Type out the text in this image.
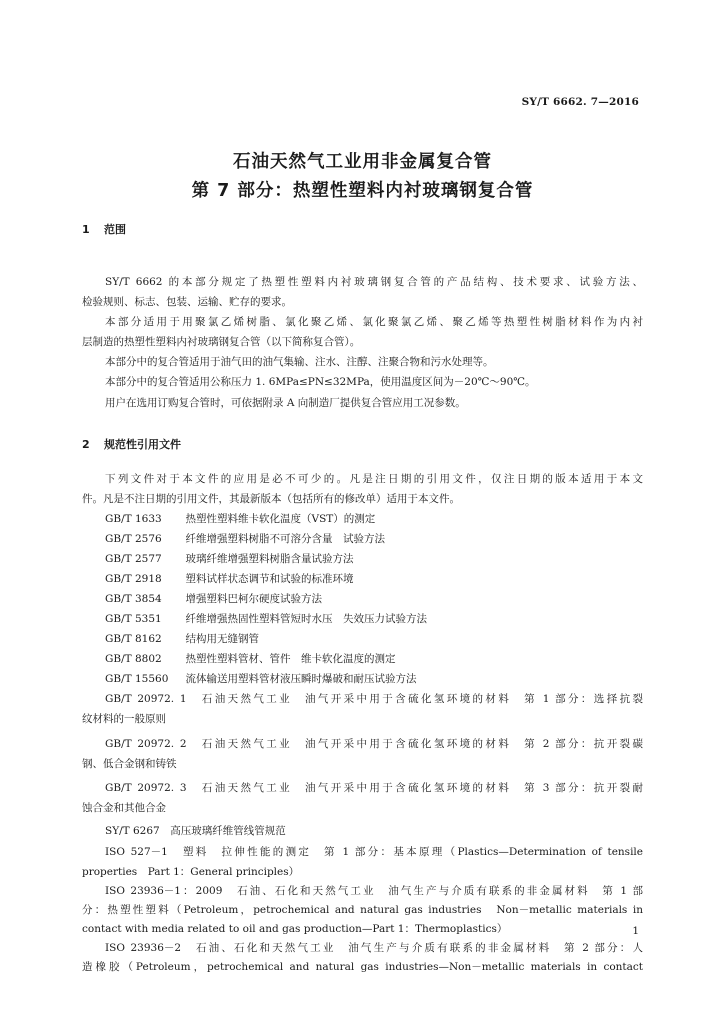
SY/T 6662. 7—2016
石油天然气工业用非金属复合管
第 7 部分：热塑性塑料内衬玻璃钢复合管
1 范围
SY/T 6662 的本部分规定了热塑性塑料内衬玻璃钢复合管的产品结构、技术要求、试验方法、
检验规则、标志、包装、运输、贮存的要求。
本部分适用于用聚氯乙烯树脂、氯化聚乙烯、氯化聚氯乙烯、聚乙烯等热塑性树脂材料作为内衬
层制造的热塑性塑料内衬玻璃钢复合管（以下简称复合管）。
本部分中的复合管适用于油气田的油气集输、注水、注醇、注聚合物和污水处理等。
本部分中的复合管适用公称压力 1. 6MPa≤PN≤32MPa，使用温度区间为－20℃～90℃。
用户在选用订购复合管时，可依据附录 A 向制造厂提供复合管应用工况参数。
2 规范性引用文件
下列文件对于本文件的应用是必不可少的。凡是注日期的引用文件，仅注日期的版本适用于本文
件。凡是不注日期的引用文件，其最新版本（包括所有的修改单）适用于本文件。
GB/T 1633　 热塑性塑料维卡软化温度（VST）的测定
GB/T 2576　 纤维增强塑料树脂不可溶分含量　试验方法
GB/T 2577　 玻璃纤维增强塑料树脂含量试验方法
GB/T 2918　 塑料试样状态调节和试验的标准环境
GB/T 3854　 增强塑料巴柯尔硬度试验方法
GB/T 5351　 纤维增强热固性塑料管短时水压　失效压力试验方法
GB/T 8162　 结构用无缝钢管
GB/T 8802　 热塑性塑料管材、管件　维卡软化温度的测定
GB/T 15560　 流体输送用塑料管材液压瞬时爆破和耐压试验方法
GB/T 20972. 1　石油天然气工业　油气开采中用于含硫化氢环境的材料　第 1 部分：选择抗裂
纹材料的一般原则
GB/T 20972. 2　石油天然气工业　油气开采中用于含硫化氢环境的材料　第 2 部分：抗开裂碳
钢、低合金钢和铸铁
GB/T 20972. 3　石油天然气工业　油气开采中用于含硫化氢环境的材料　第 3 部分：抗开裂耐
蚀合金和其他合金
SY/T 6267　高压玻璃纤维管线管规范
ISO 527－1　塑料　拉伸性能的测定　第 1 部分：基本原理（Plastics—Determination of tensile
properties　Part 1：General principles）
ISO 23936－1：2009　石油、石化和天然气工业　油气生产与介质有联系的非金属材料　第 1 部
分：热塑性塑料（Petroleum，petrochemical and natural gas industries　Non－metallic materials in
contact with media related to oil and gas production—Part 1：Thermoplastics）
ISO 23936－2　石油、石化和天然气工业　油气生产与介质有联系的非金属材料　第 2 部分：人
造橡胶（Petroleum，petrochemical and natural gas industries—Non－metallic materials in contact
1
